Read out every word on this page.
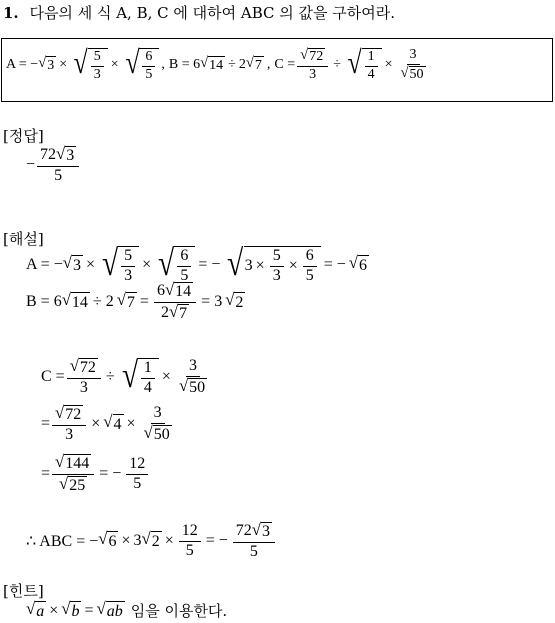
1. 다음의 세 식 A, B, C 에 대하여 ABC 의 값을 구하여라.
A = − √ 3 × √ $\frac{5}{3}$ × √ $\frac{6}{5}$ , B = 6 √ 14 ÷ 2 √ 7 , $C = \frac{√ 72}{3}$ ÷ √ $\frac{1}{4} \times \frac{3}{√ 50}$
[정답]
− $\frac{72 √ 3}{5}$
[해설]
A = − √ 3 × √ $\frac{5}{3}$ × √ $\frac{6}{5}$ = − √ $3 \times \frac{5}{3} \times \frac{6}{5}$ = − √ 6
B = 6 √ 14 ÷ 2 √ $7 = \frac{6 √ 14}{2 √ 7} = 3$ √ 2
$C = \frac{√ 72}{3}$ ÷ √ $\frac{1}{4} \times \frac{3}{√ 50}$
= $\frac{√ 72}{3}$ × √ $4 \times \frac{3}{√ 50}$
= $\frac{√ 144}{√ 25}$ = − $\frac{12}{5}$
∴ ABC = − √ 6 × 3 √ $2 \times \frac{12}{5}$ = − $\frac{72 √ 3}{5}$
[힌트]
√ a × √ b = √ ab 임을 이용한다.
